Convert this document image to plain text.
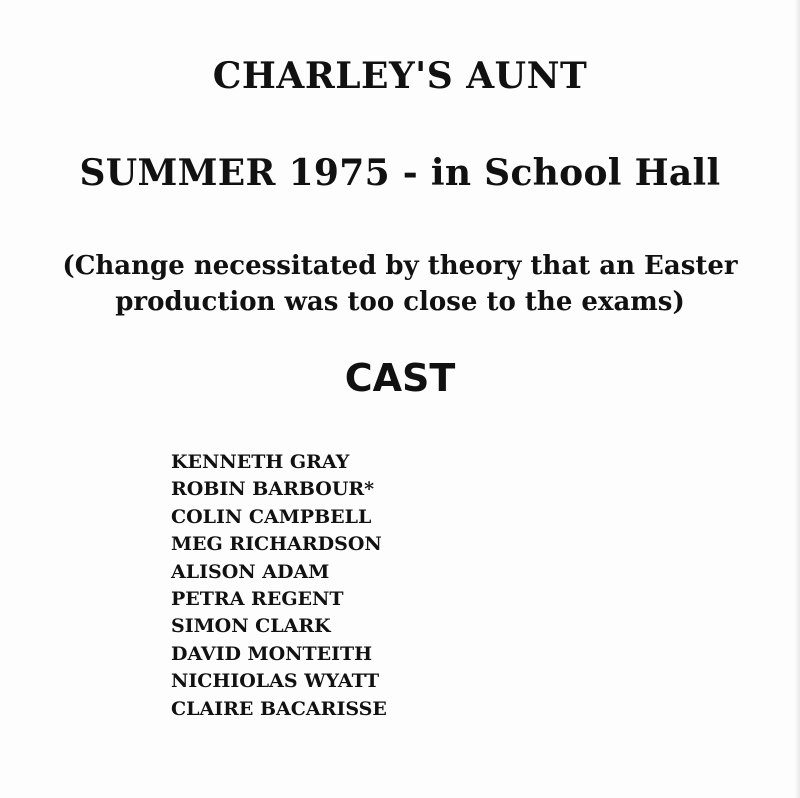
CHARLEY'S AUNT
SUMMER 1975 - in School Hall

(Change necessitated by theory that an Easter

production was too close to the exams)

CAST
KENNETH GRAY
ROBIN BARBOUR*
COLIN CAMPBELL
MEG RICHARDSON
ALISON ADAM
PETRA REGENT
SIMON CLARK
DAVID MONTEITH
NICHIOLAS WYATT
CLAIRE BACARISSE
